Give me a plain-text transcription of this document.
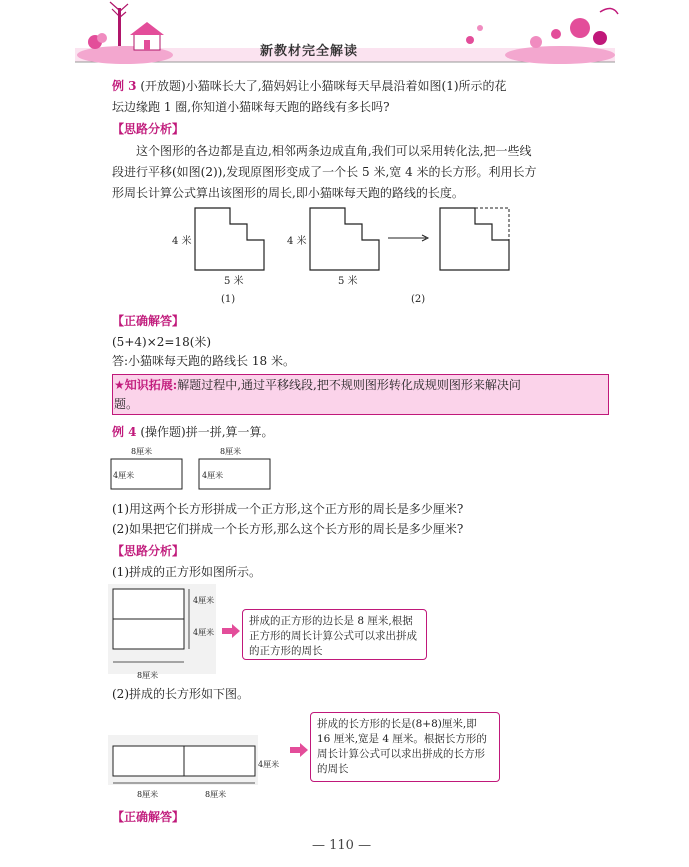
新教材完全解读
例 3 (开放题)小猫咪长大了,猫妈妈让小猫咪每天早晨沿着如图(1)所示的花
坛边缘跑 1 圈,你知道小猫咪每天跑的路线有多长吗?
【思路分析】
这个图形的各边都是直边,相邻两条边成直角,我们可以采用转化法,把一些线
段进行平移(如图(2)),发现原图形变成了一个长 5 米,宽 4 米的长方形。利用长方
形周长计算公式算出该图形的周长,即小猫咪每天跑的路线的长度。
4 米
5 米
4 米
5 米
(1)	(2)
【正确解答】
(5+4)×2=18(米)
答:小猫咪每天跑的路线长 18 米。
★知识拓展:解题过程中,通过平移线段,把不规则图形转化成规则图形来解决问
题。
例 4 (操作题)拼一拼,算一算。
8厘米
4厘米
8厘米
4厘米
(1)用这两个长方形拼成一个正方形,这个正方形的周长是多少厘米?
(2)如果把它们拼成一个长方形,那么这个长方形的周长是多少厘米?
【思路分析】
(1)拼成的正方形如图所示。
4厘米
4厘米
8厘米
拼成的正方形的边长是 8 厘米,根据正方形的周长计算公式可以求出拼成的正方形的周长
(2)拼成的长方形如下图。
4厘米
8厘米	8厘米
拼成的长方形的长是(8+8)厘米,即 16 厘米,宽是 4 厘米。根据长方形的周长计算公式可以求出拼成的长方形的周长
【正确解答】
— 110 —
